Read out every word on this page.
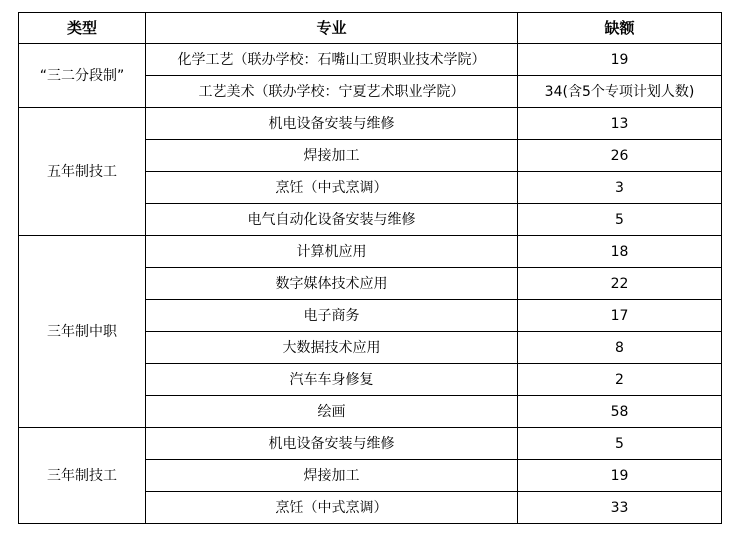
类型	专业	缺额
“三二分段制”	化学工艺（联办学校：石嘴山工贸职业技术学院）	19
	工艺美术（联办学校：宁夏艺术职业学院）	34(含5个专项计划人数)
五年制技工	机电设备安装与维修	13
	焊接加工	26
	烹饪（中式烹调）	3
	电气自动化设备安装与维修	5
三年制中职	计算机应用	18
	数字媒体技术应用	22
	电子商务	17
	大数据技术应用	8
	汽车车身修复	2
	绘画	58
三年制技工	机电设备安装与维修	5
	焊接加工	19
	烹饪（中式烹调）	33
